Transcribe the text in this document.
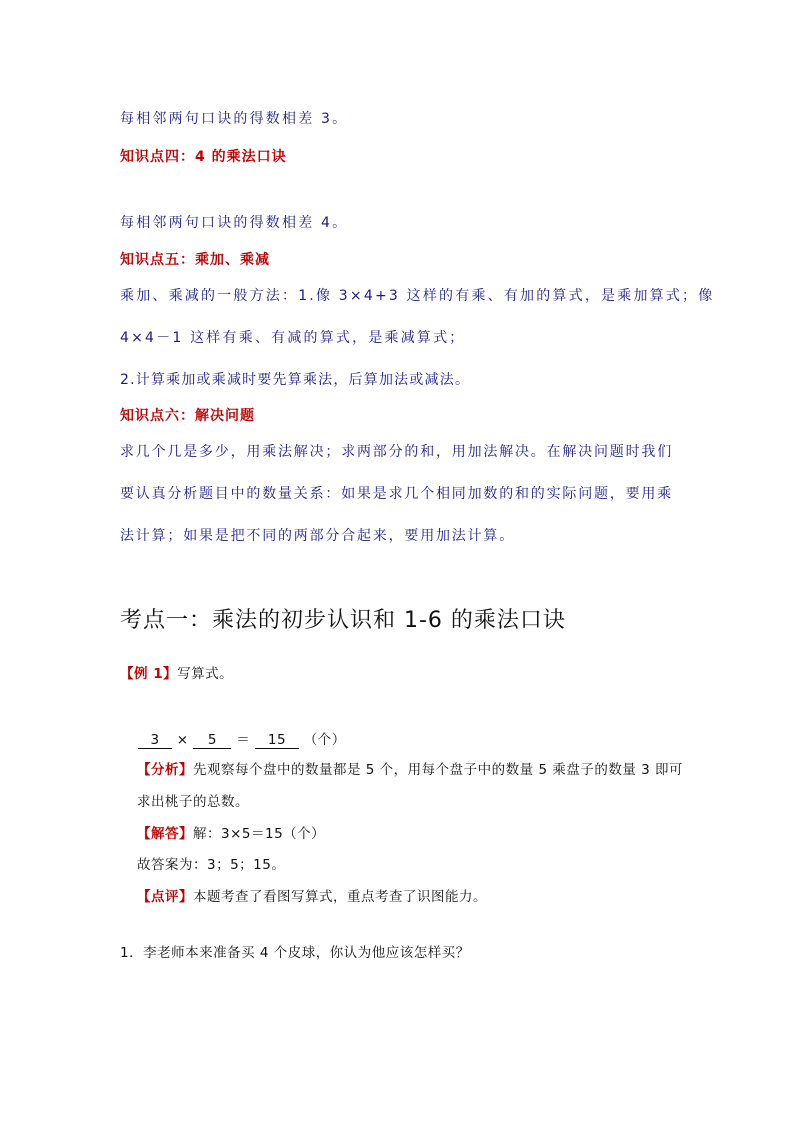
每相邻两句口诀的得数相差 3。
知识点四：4 的乘法口诀
每相邻两句口诀的得数相差 4。
知识点五：乘加、乘减
乘加、乘减的一般方法：1.像 3×4+3 这样的有乘、有加的算式，是乘加算式；像
4×4－1 这样有乘、有减的算式，是乘减算式；
2.计算乘加或乘减时要先算乘法，后算加法或减法。
知识点六：解决问题
求几个几是多少，用乘法解决；求两部分的和，用加法解决。在解决问题时我们
要认真分析题目中的数量关系：如果是求几个相同加数的和的实际问题，要用乘
法计算；如果是把不同的两部分合起来，要用加法计算。
考点一：乘法的初步认识和 1-6 的乘法口诀
【例 1】写算式。
3 × 5 ＝ 15 （个）
【分析】先观察每个盘中的数量都是 5 个，用每个盘子中的数量 5 乘盘子的数量 3 即可
求出桃子的总数。
【解答】解：3×5＝15（个）
故答案为：3；5；15。
【点评】本题考查了看图写算式，重点考查了识图能力。
1．李老师本来准备买 4 个皮球，你认为他应该怎样买？
